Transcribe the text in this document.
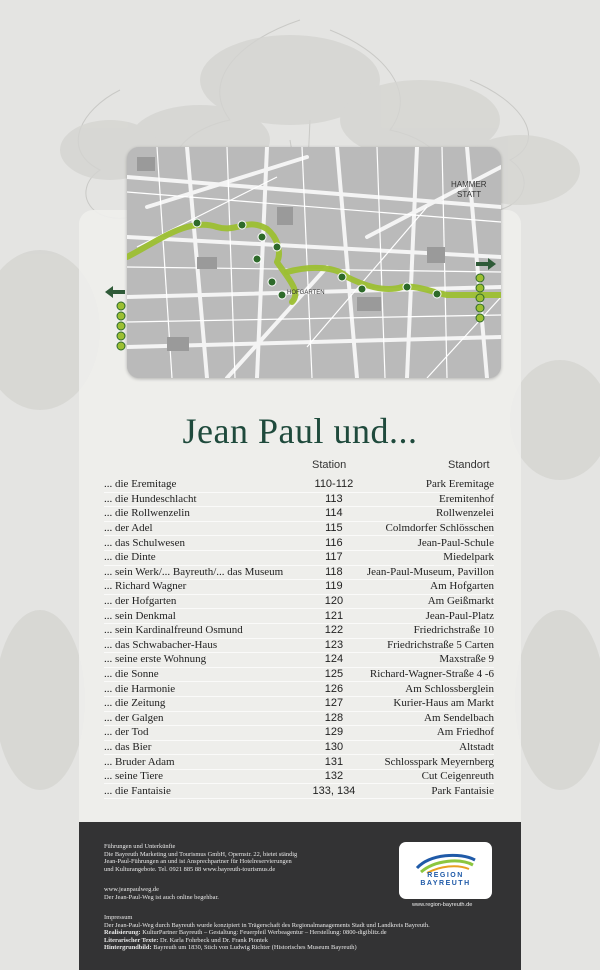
HOFGARTEN
HAMMER
STATT
Jean Paul und...
Station	Standort
... die Eremitage	110-112	Park Eremitage
... die Hundeschlacht	113	Eremitenhof
... die Rollwenzelin	114	Rollwenzelei
... der Adel	115	Colmdorfer Schlösschen
... das Schulwesen	116	Jean-Paul-Schule
... die Dinte	117	Miedelpark
... sein Werk/... Bayreuth/... das Museum	118	Jean-Paul-Museum, Pavillon
... Richard Wagner	119	Am Hofgarten
... der Hofgarten	120	Am Geißmarkt
... sein Denkmal	121	Jean-Paul-Platz
... sein Kardinalfreund Osmund	122	Friedrichstraße 10
... das Schwabacher-Haus	123	Friedrichstraße 5 Carten
... seine erste Wohnung	124	Maxstraße 9
... die Sonne	125	Richard-Wagner-Straße 4 -6
... die Harmonie	126	Am Schlossberglein
... die Zeitung	127	Kurier-Haus am Markt
... der Galgen	128	Am Sendelbach
... der Tod	129	Am Friedhof
... das Bier	130	Altstadt
... Bruder Adam	131	Schlosspark Meyernberg
... seine Tiere	132	Cut Ceigenreuth
... die Fantaisie	133, 134	Park Fantaisie
Führungen und Unterkünfte
Die Bayreuth Marketing und Tourismus GmbH, Opernstr. 22, bietet ständig
Jean-Paul-Führungen an und ist Ansprechpartner für Hotelreservierungen
und Kulturangebote. Tel. 0921 885 88 www.bayreuth-tourismus.de
www.jeanpaulweg.de
Der Jean-Paul-Weg ist auch online begehbar.
Impressum
Der Jean-Paul-Weg durch Bayreuth wurde konzipiert in Trägerschaft des Regionalmanagements Stadt und Landkreis Bayreuth.
Realisierung: KulturPartner Bayreuth – Gestaltung: Feuerpfeil Werbeagentur – Herstellung: 0800-digiblitz.de
Literarischer Texte: Dr. Karla Fohrbeck und Dr. Frank Piontek
Hintergrundbild: Bayreuth um 1830, Stich von Ludwig Richter (Historisches Museum Bayreuth)
REGION
BAYREUTH
www.region-bayreuth.de
